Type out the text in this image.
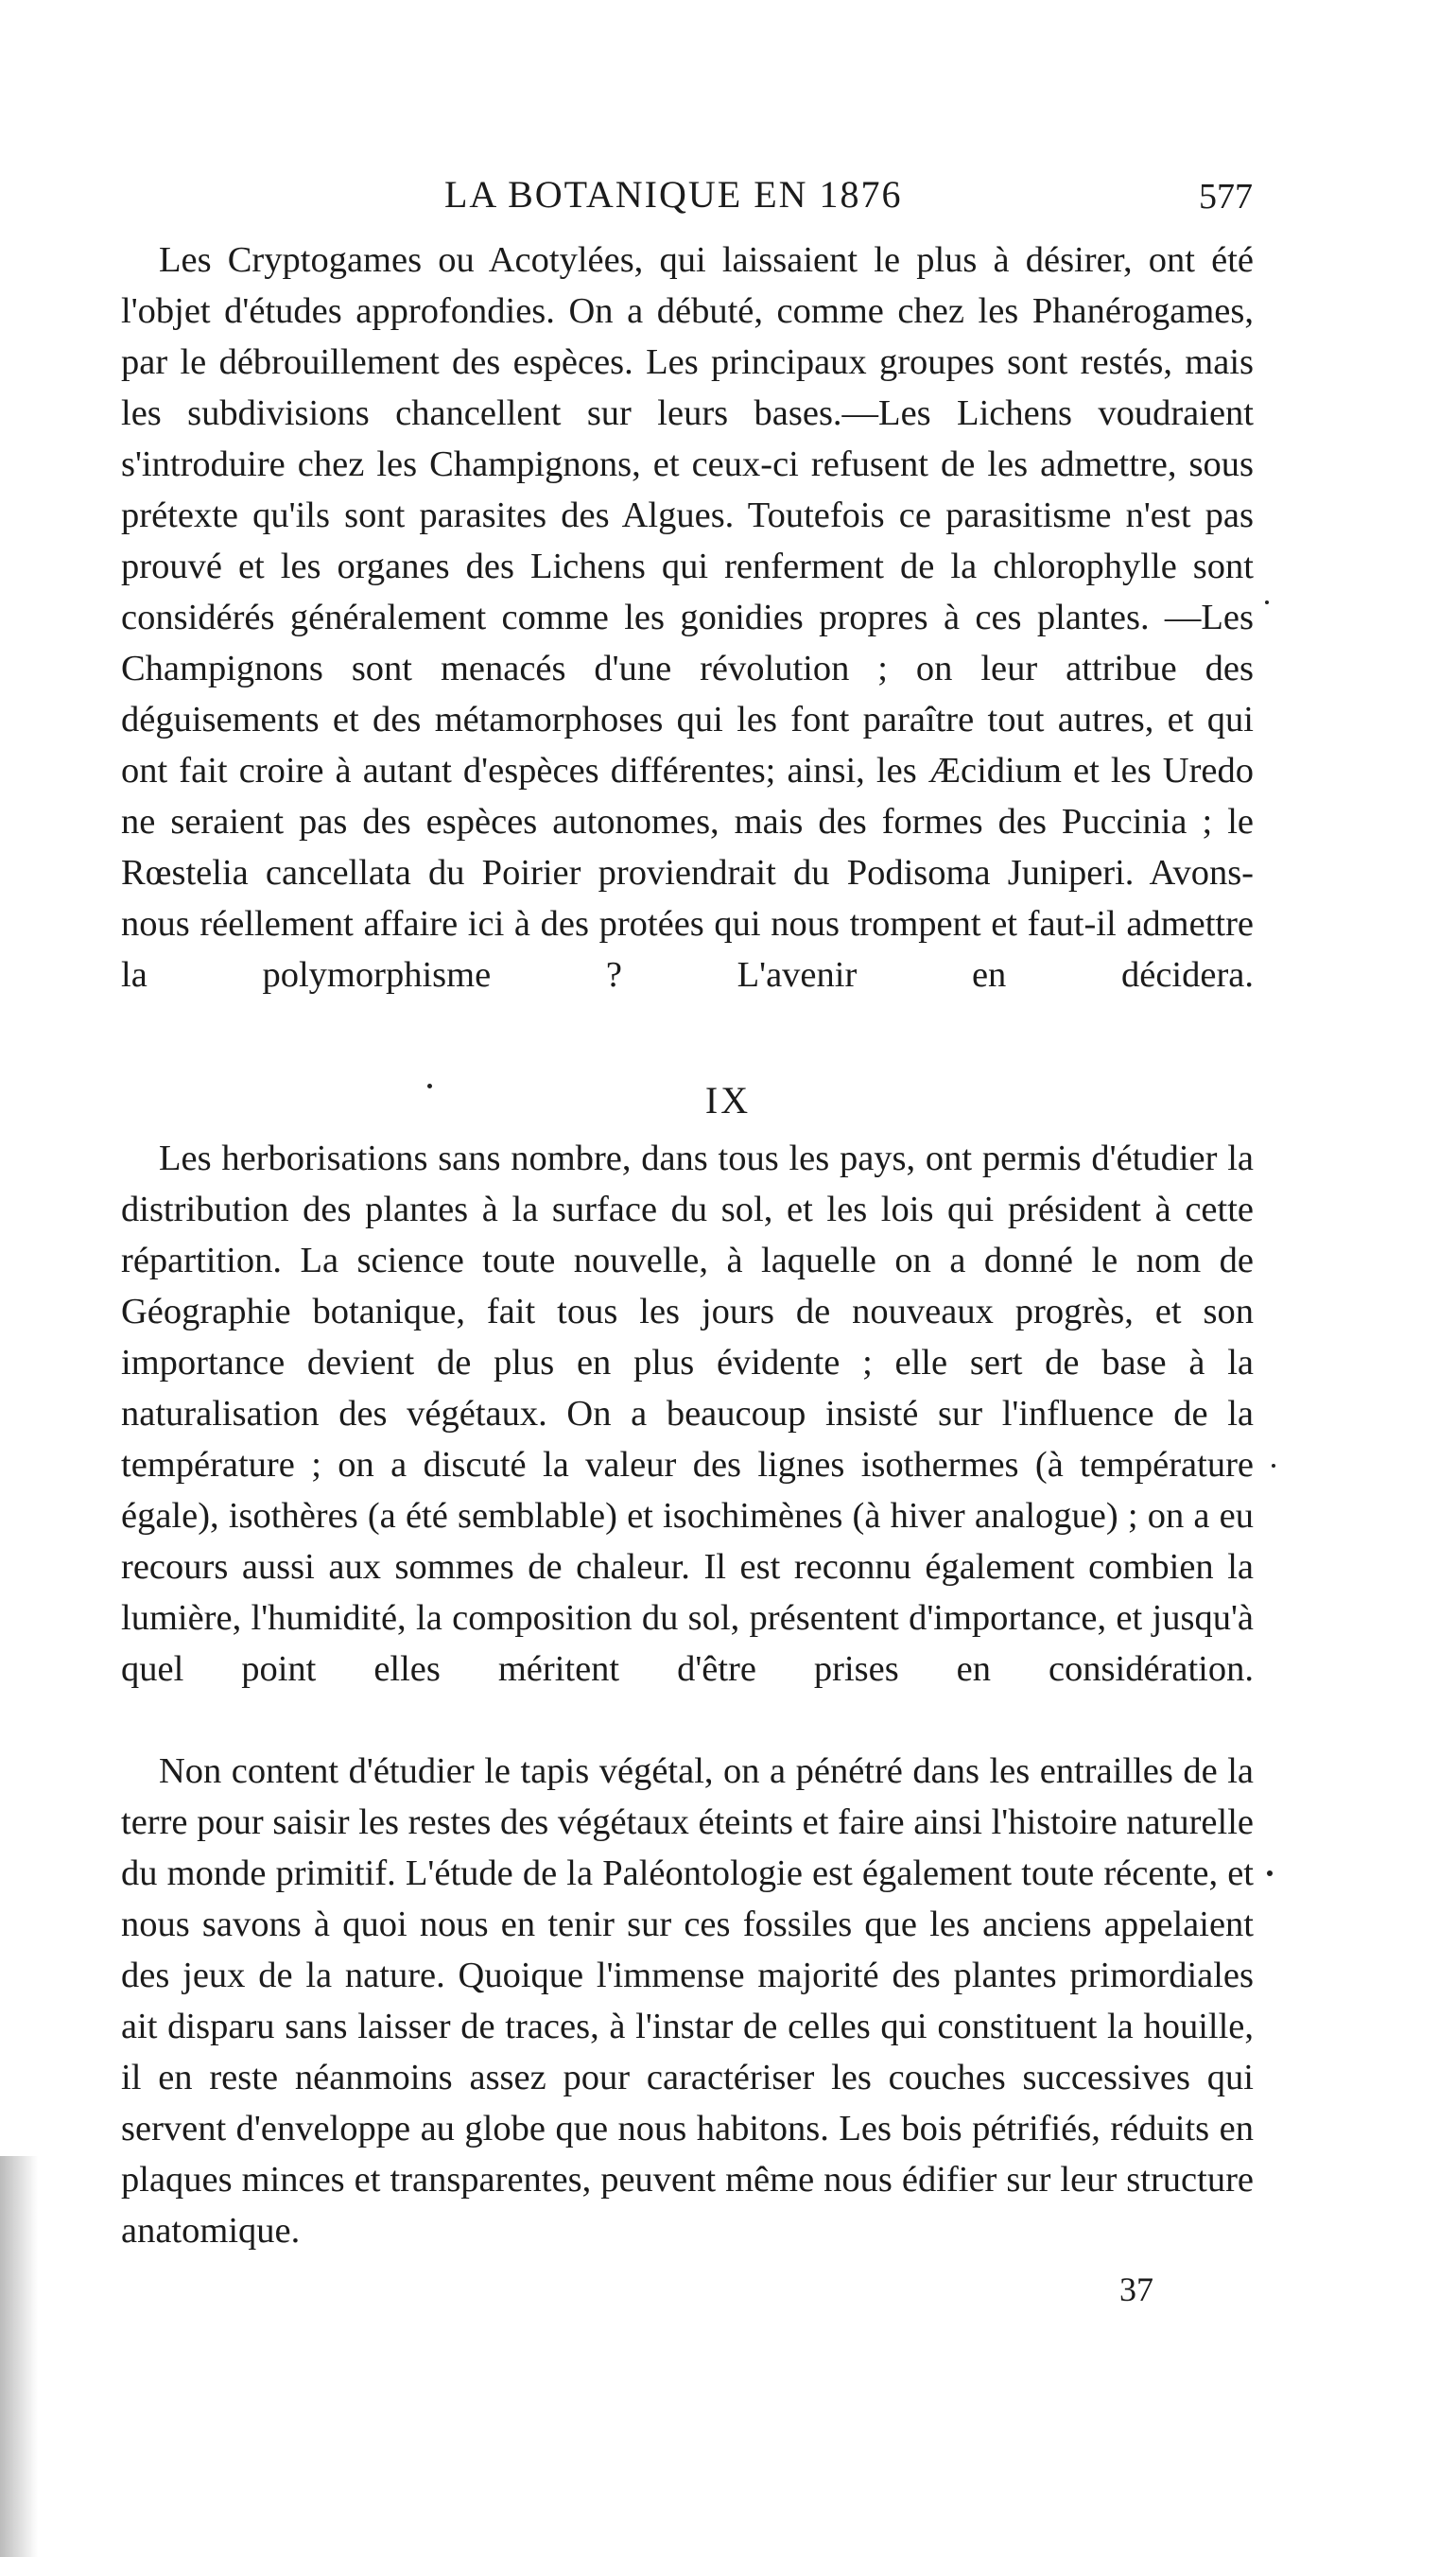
LA BOTANIQUE EN 1876	577

Les Cryptogames ou Acotylées, qui laissaient le plus à désirer, ont été l'objet d'études approfondies. On a débuté, comme chez les Phanérogames, par le débrouillement des espèces. Les principaux groupes sont restés, mais les subdivisions chancellent sur leurs bases.—Les Lichens voudraient s'introduire chez les Champignons, et ceux-ci refusent de les admettre, sous prétexte qu'ils sont parasites des Algues. Toutefois ce parasitisme n'est pas prouvé et les organes des Lichens qui renferment de la chlorophylle sont considérés généralement comme les gonidies propres à ces plantes. —Les Champignons sont menacés d'une révolution ; on leur attribue des déguisements et des métamorphoses qui les font paraître tout autres, et qui ont fait croire à autant d'espèces différentes; ainsi, les Æcidium et les Uredo ne seraient pas des espèces autonomes, mais des formes des Puccinia ; le Rœstelia cancellata du Poirier proviendrait du Podisoma Juniperi. Avons-nous réellement affaire ici à des protées qui nous trompent et faut-il admettre la polymorphisme ? L'avenir en décidera.

IX

Les herborisations sans nombre, dans tous les pays, ont permis d'étudier la distribution des plantes à la surface du sol, et les lois qui président à cette répartition. La science toute nouvelle, à laquelle on a donné le nom de Géographie botanique, fait tous les jours de nouveaux progrès, et son importance devient de plus en plus évidente ; elle sert de base à la naturalisation des végétaux. On a beaucoup insisté sur l'influence de la température ; on a discuté la valeur des lignes isothermes (à température égale), isothères (a été semblable) et isochimènes (à hiver analogue) ; on a eu recours aussi aux sommes de chaleur. Il est reconnu également combien la lumière, l'humidité, la composition du sol, présentent d'importance, et jusqu'à quel point elles méritent d'être prises en considération.

Non content d'étudier le tapis végétal, on a pénétré dans les entrailles de la terre pour saisir les restes des végétaux éteints et faire ainsi l'histoire naturelle du monde primitif. L'étude de la Paléontologie est également toute récente, et nous savons à quoi nous en tenir sur ces fossiles que les anciens appelaient des jeux de la nature. Quoique l'immense majorité des plantes primordiales ait disparu sans laisser de traces, à l'instar de celles qui constituent la houille, il en reste néanmoins assez pour caractériser les couches successives qui servent d'enveloppe au globe que nous habitons. Les bois pétrifiés, réduits en plaques minces et transparentes, peuvent même nous édifier sur leur structure anatomique.

37
